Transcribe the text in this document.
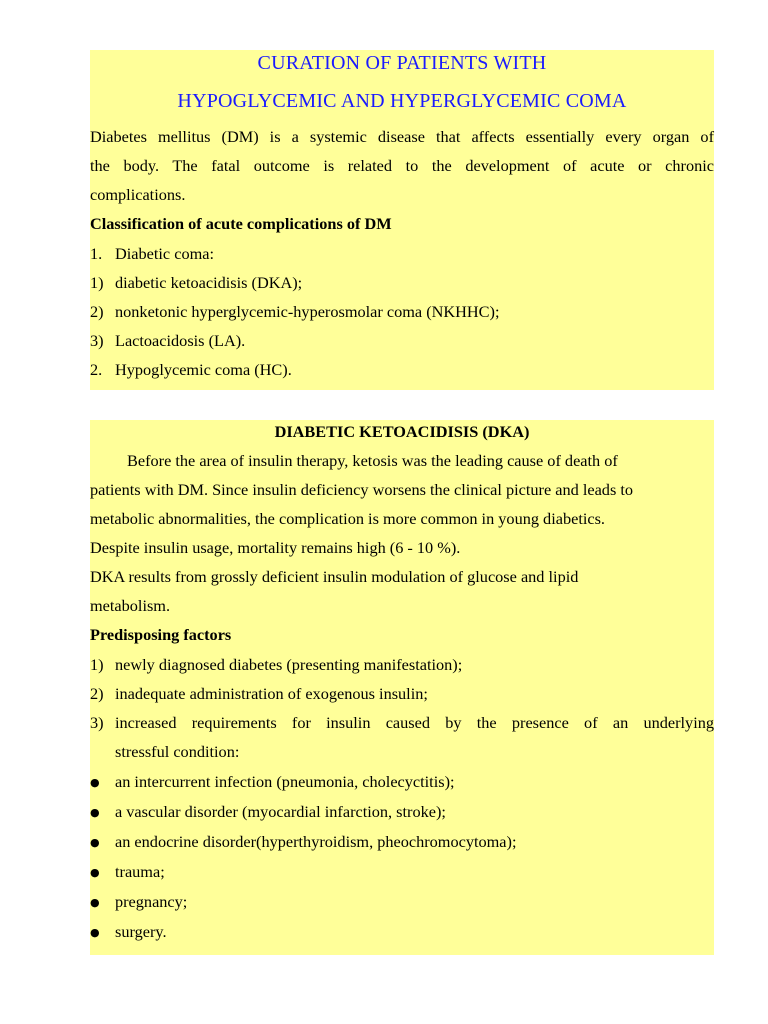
CURATION OF PATIENTS WITH
HYPOGLYCEMIC AND HYPERGLYCEMIC COMA
Diabetes mellitus (DM) is a systemic disease that affects essentially every organ of
the body. The fatal outcome is related to the development of acute or chronic
complications.
Classification of acute complications of DM
1. Diabetic coma:
1) diabetic ketoacidisis (DKA);
2) nonketonic hyperglycemic-hyperosmolar coma (NKHHC);
3) Lactoacidosis (LA).
2. Hypoglycemic coma (HC).
DIABETIC KETOACIDISIS (DKA)
Before the area of insulin therapy, ketosis was the leading cause of death of
patients with DM. Since insulin deficiency worsens the clinical picture and leads to
metabolic abnormalities, the complication is more common in young diabetics.
Despite insulin usage, mortality remains high (6 - 10 %).
DKA results from grossly deficient insulin modulation of glucose and lipid
metabolism.
Predisposing factors
1) newly diagnosed diabetes (presenting manifestation);
2) inadequate administration of exogenous insulin;
3) increased requirements for insulin caused by the presence of an underlying
stressful condition:
● an intercurrent infection (pneumonia, cholecyctitis);
● a vascular disorder (myocardial infarction, stroke);
● an endocrine disorder(hyperthyroidism, pheochromocytoma);
● trauma;
● pregnancy;
● surgery.
